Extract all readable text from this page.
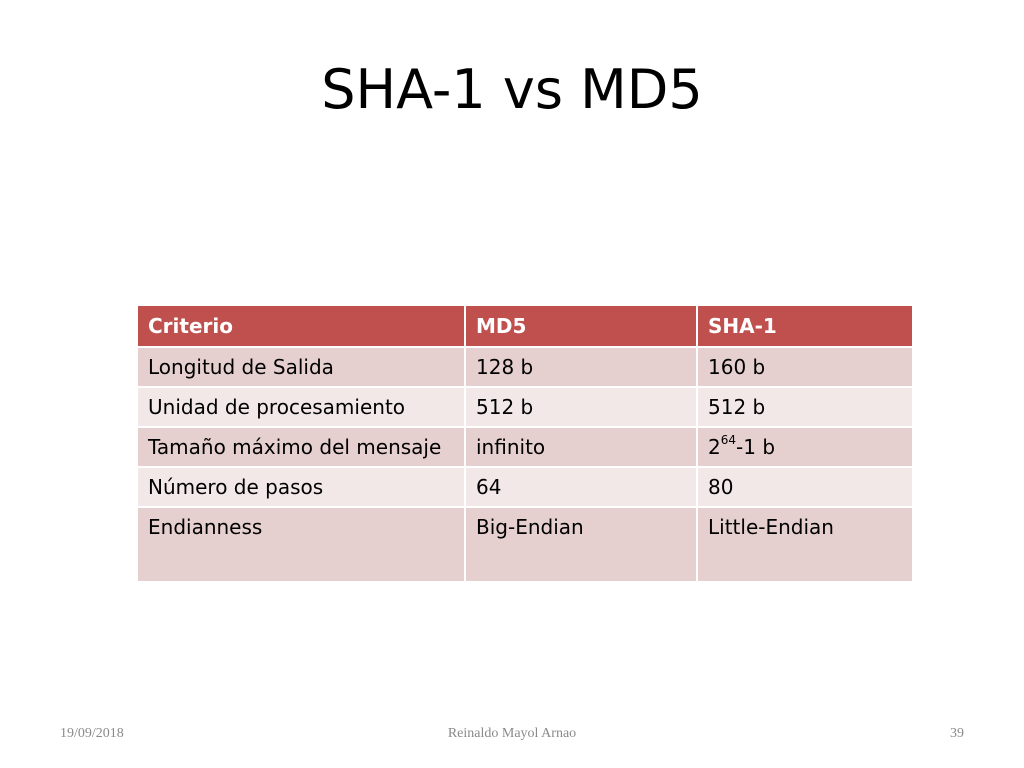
SHA-1 vs MD5
Criterio	MD5	SHA-1
Longitud de Salida	128 b	160 b
Unidad de procesamiento	512 b	512 b
Tamaño máximo del mensaje	infinito	$2^{64}-1$ b
Número de pasos	64	80
Endianness	Big-Endian	Little-Endian
19/09/2018	Reinaldo Mayol Arnao	39
